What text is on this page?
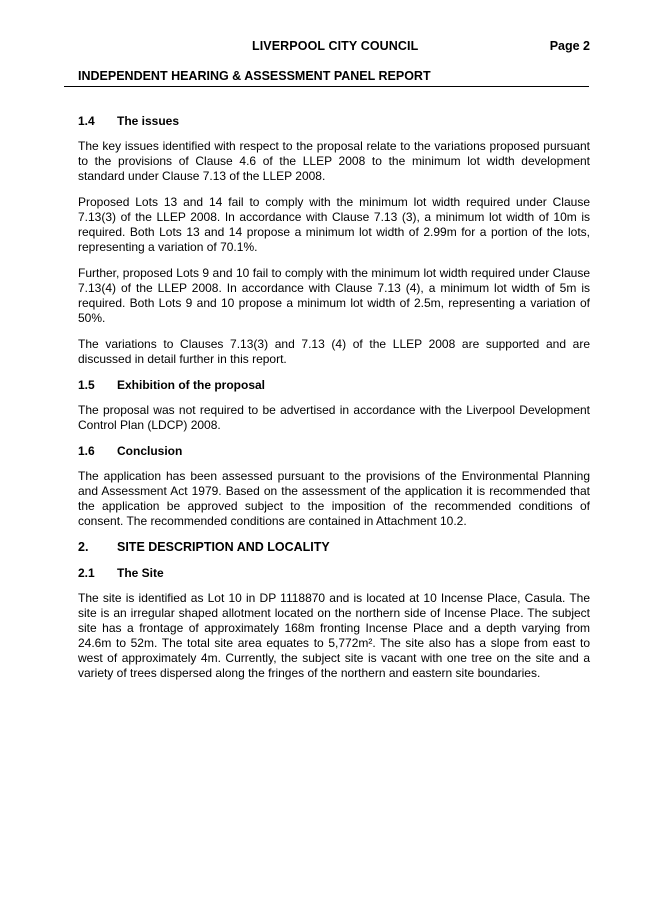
LIVERPOOL CITY COUNCIL	Page 2
INDEPENDENT HEARING & ASSESSMENT PANEL REPORT
1.4	The issues

The key issues identified with respect to the proposal relate to the variations proposed pursuant to the provisions of Clause 4.6 of the LLEP 2008 to the minimum lot width development standard under Clause 7.13 of the LLEP 2008.

Proposed Lots 13 and 14 fail to comply with the minimum lot width required under Clause 7.13(3) of the LLEP 2008. In accordance with Clause 7.13 (3), a minimum lot width of 10m is required. Both Lots 13 and 14 propose a minimum lot width of 2.99m for a portion of the lots, representing a variation of 70.1%.

Further, proposed Lots 9 and 10 fail to comply with the minimum lot width required under Clause 7.13(4) of the LLEP 2008. In accordance with Clause 7.13 (4), a minimum lot width of 5m is required. Both Lots 9 and 10 propose a minimum lot width of 2.5m, representing a variation of 50%.

The variations to Clauses 7.13(3) and 7.13 (4) of the LLEP 2008 are supported and are discussed in detail further in this report.

1.5	Exhibition of the proposal

The proposal was not required to be advertised in accordance with the Liverpool Development Control Plan (LDCP) 2008.

1.6	Conclusion

The application has been assessed pursuant to the provisions of the Environmental Planning and Assessment Act 1979. Based on the assessment of the application it is recommended that the application be approved subject to the imposition of the recommended conditions of consent. The recommended conditions are contained in Attachment 10.2.

2.	SITE DESCRIPTION AND LOCALITY
2.1	The Site

The site is identified as Lot 10 in DP 1118870 and is located at 10 Incense Place, Casula. The site is an irregular shaped allotment located on the northern side of Incense Place. The subject site has a frontage of approximately 168m fronting Incense Place and a depth varying from 24.6m to 52m. The total site area equates to 5,772m². The site also has a slope from east to west of approximately 4m. Currently, the subject site is vacant with one tree on the site and a variety of trees dispersed along the fringes of the northern and eastern site boundaries.
